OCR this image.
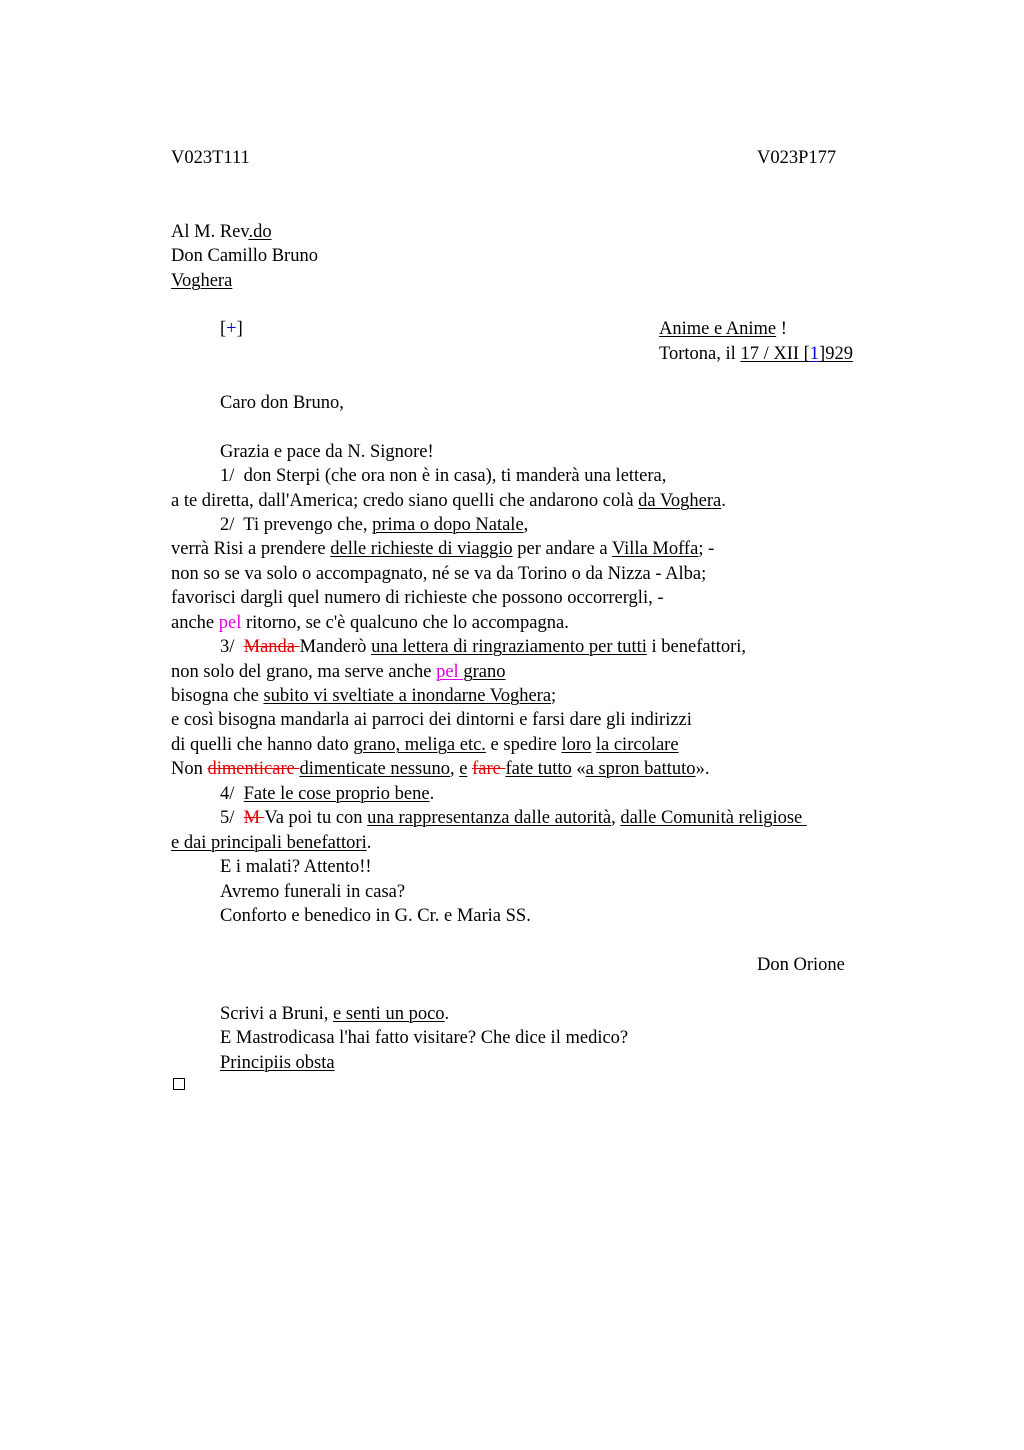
V023T111	V023P177
Al M. Rev.do
Don Camillo Bruno
Voghera
[+]	Anime e Anime !
Tortona, il 17 / XII [1]929
Caro don Bruno,
Grazia e pace da N. Signore!
1/  don Sterpi (che ora non è in casa), ti manderà una lettera,
a te diretta, dall'America; credo siano quelli che andarono colà da Voghera.
2/  Ti prevengo che, prima o dopo Natale,
verrà Risi a prendere delle richieste di viaggio per andare a Villa Moffa; -
non so se va solo o accompagnato, né se va da Torino o da Nizza - Alba;
favorisci dargli quel numero di richieste che possono occorrergli, -
anche pel ritorno, se c'è qualcuno che lo accompagna.
3/  Manda Manderò una lettera di ringraziamento per tutti i benefattori,
non solo del grano, ma serve anche pel grano
bisogna che subito vi sveltiate a inondarne Voghera;
e così bisogna mandarla ai parroci dei dintorni e farsi dare gli indirizzi
di quelli che hanno dato grano, meliga etc. e spedire loro la circolare
Non dimenticare dimenticate nessuno, e fare fate tutto «a spron battuto».
4/  Fate le cose proprio bene.
5/  M Va poi tu con una rappresentanza dalle autorità, dalle Comunità religiose
e dai principali benefattori.
E i malati? Attento!!
Avremo funerali in casa?
Conforto e benedico in G. Cr. e Maria SS.
Don Orione
Scrivi a Bruni, e senti un poco.
E Mastrodicasa l'hai fatto visitare? Che dice il medico?
Principiis obsta
